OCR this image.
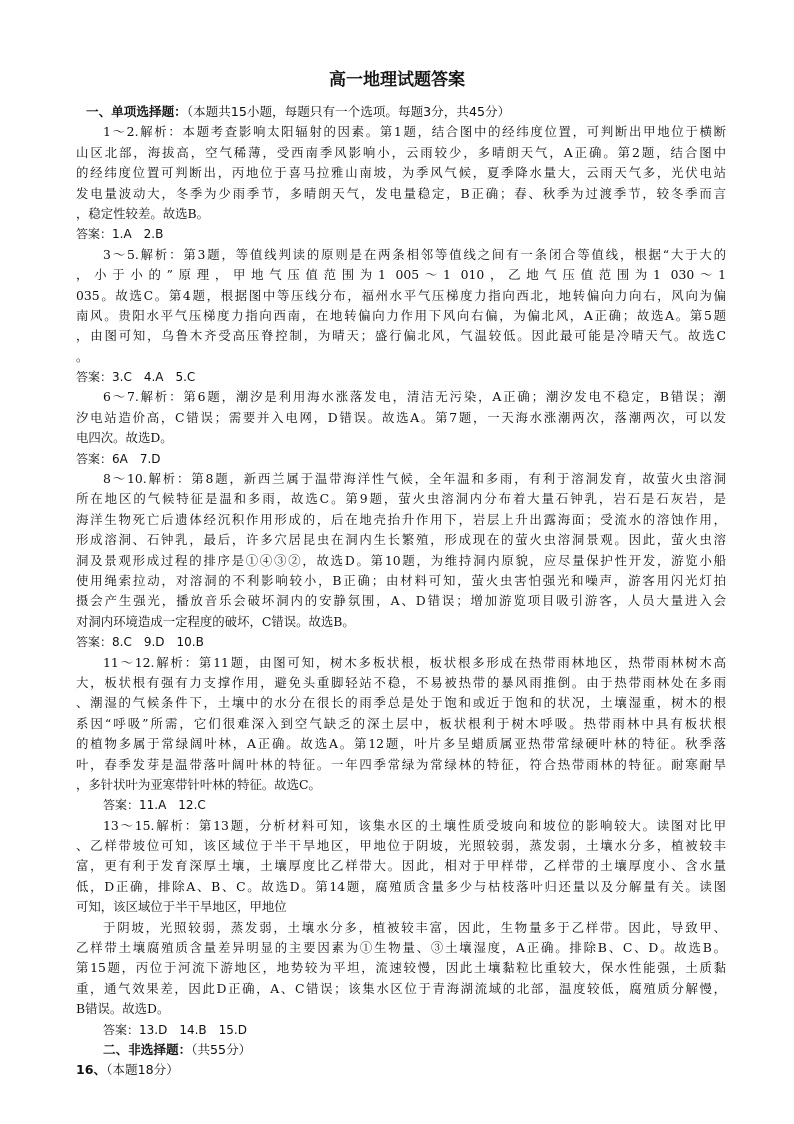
高一地理试题答案
一、单项选择题：（本题共15小题，每题只有一个选项。每题3分，共45分）
1～2.解析：本题考查影响太阳辐射的因素。第1题，结合图中的经纬度位置，可判断出甲地位于横断
山区北部，海拔高，空气稀薄，受西南季风影响小，云雨较少，多晴朗天气，A正确。第2题，结合图中
的经纬度位置可判断出，丙地位于喜马拉雅山南坡，为季风气候，夏季降水量大，云雨天气多，光伏电站
发电量波动大，冬季为少雨季节，多晴朗天气，发电量稳定，B正确；春、秋季为过渡季节，较冬季而言
，稳定性较差。故选B。
答案：1.A　2.B
3～5.解析：第3题，等值线判读的原则是在两条相邻等值线之间有一条闭合等值线，根据“大于大的
，小于小的”原理，甲地气压值范围为1 005～1 010，乙地气压值范围为1 030～1
035。故选C。第4题，根据图中等压线分布，福州水平气压梯度力指向西北，地转偏向力向右，风向为偏
南风。贵阳水平气压梯度力指向西南，在地转偏向力作用下风向右偏，为偏北风，A正确；故选A。第5题
，由图可知，乌鲁木齐受高压脊控制，为晴天；盛行偏北风，气温较低。因此最可能是冷晴天气。故选C
。
答案：3.C　4.A　5.C
6～7.解析：第6题，潮汐是利用海水涨落发电，清洁无污染，A正确；潮汐发电不稳定，B错误；潮
汐电站造价高，C错误；需要并入电网，D错误。故选A。第7题，一天海水涨潮两次，落潮两次，可以发
电四次。故选D。
答案：6A　7.D
8～10.解析：第8题，新西兰属于温带海洋性气候，全年温和多雨，有利于溶洞发育，故萤火虫溶洞
所在地区的气候特征是温和多雨，故选C。第9题，萤火虫溶洞内分布着大量石钟乳，岩石是石灰岩，是
海洋生物死亡后遗体经沉积作用形成的，后在地壳抬升作用下，岩层上升出露海面；受流水的溶蚀作用，
形成溶洞、石钟乳，最后，许多穴居昆虫在洞内生长繁殖，形成现在的萤火虫溶洞景观。因此，萤火虫溶
洞及景观形成过程的排序是①④③②，故选D。第10题，为维持洞内原貌，应尽量保护性开发，游览小船
使用绳索拉动，对溶洞的不利影响较小，B正确；由材料可知，萤火虫害怕强光和噪声，游客用闪光灯拍
摄会产生强光，播放音乐会破坏洞内的安静氛围，A、D错误；增加游览项目吸引游客，人员大量进入会
对洞内环境造成一定程度的破坏，C错误。故选B。
答案：8.C　9.D　10.B
11～12.解析：第11题，由图可知，树木多板状根，板状根多形成在热带雨林地区，热带雨林树木高
大，板状根有强有力支撑作用，避免头重脚轻站不稳，不易被热带的暴风雨推倒。由于热带雨林处在多雨
、潮湿的气候条件下，土壤中的水分在很长的雨季总是处于饱和或近于饱和的状况，土壤湿重，树木的根
系因“呼吸”所需，它们很难深入到空气缺乏的深土层中，板状根利于树木呼吸。热带雨林中具有板状根
的植物多属于常绿阔叶林，A正确。故选A。第12题，叶片多呈蜡质属亚热带常绿硬叶林的特征。秋季落
叶，春季发芽是温带落叶阔叶林的特征。一年四季常绿为常绿林的特征，符合热带雨林的特征。耐寒耐旱
，多针状叶为亚寒带针叶林的特征。故选C。
答案：11.A　12.C
13～15.解析：第13题，分析材料可知，该集水区的土壤性质受坡向和坡位的影响较大。读图对比甲
、乙样带坡位可知，该区域位于半干旱地区，甲地位于阴坡，光照较弱，蒸发弱，土壤水分多，植被较丰
富，更有利于发育深厚土壤，土壤厚度比乙样带大。因此，相对于甲样带，乙样带的土壤厚度小、含水量
低，D正确，排除A、B、C。故选D。第14题，腐殖质含量多少与枯枝落叶归还量以及分解量有关。读图
可知，该区域位于半干旱地区，甲地位
于阴坡，光照较弱，蒸发弱，土壤水分多，植被较丰富，因此，生物量多于乙样带。因此，导致甲、
乙样带土壤腐殖质含量差异明显的主要因素为①生物量、③土壤湿度，A正确。排除B、C、D。故选B。
第15题，丙位于河流下游地区，地势较为平坦，流速较慢，因此土壤黏粒比重较大，保水性能强，土质黏
重，通气效果差，因此D正确，A、C错误；该集水区位于青海湖流域的北部，温度较低，腐殖质分解慢，
B错误。故选D。
答案：13.D　14.B　15.D
二、非选择题：（共55分）
16、（本题18分）
